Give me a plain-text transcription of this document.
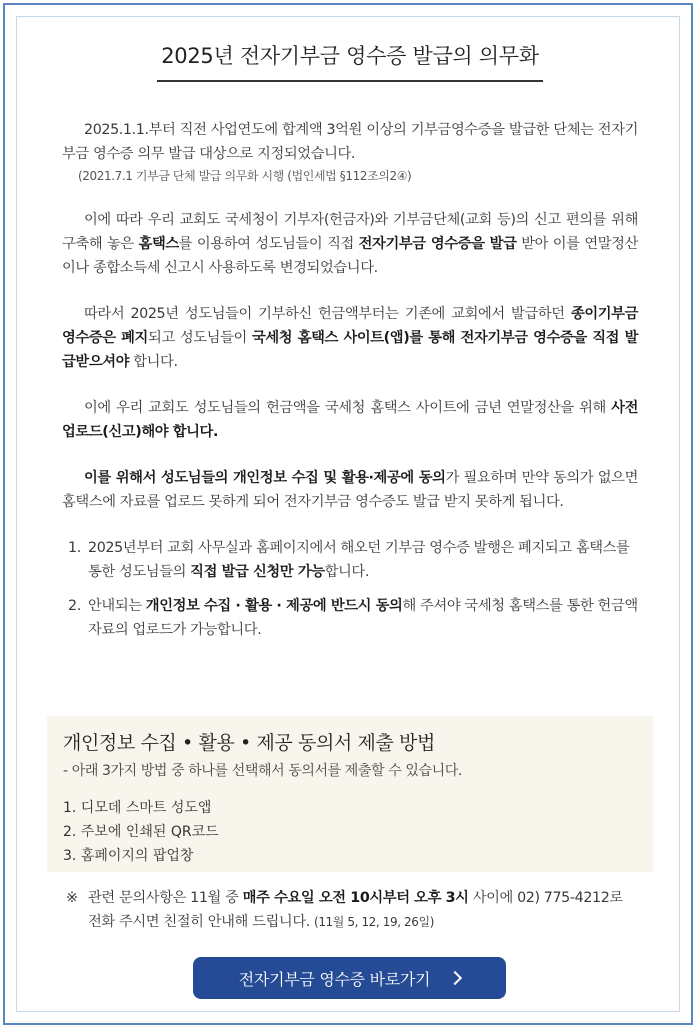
2025년 전자기부금 영수증 발급의 의무화

2025.1.1.부터 직전 사업연도에 합계액 3억원 이상의 기부금영수증을 발급한 단체는 전자기부금 영수증 의무 발급 대상으로 지정되었습니다.

(2021.7.1 기부금 단체 발급 의무화 시행 (법인세법 §112조의2④)

이에 따라 우리 교회도 국세청이 기부자(헌금자)와 기부금단체(교회 등)의 신고 편의를 위해 구축해 놓은 홈택스를 이용하여 성도님들이 직접 전자기부금 영수증을 발급 받아 이를 연말정산이나 종합소득세 신고시 사용하도록 변경되었습니다.

따라서 2025년 성도님들이 기부하신 헌금액부터는 기존에 교회에서 발급하던 종이기부금 영수증은 폐지되고 성도님들이 국세청 홈택스 사이트(앱)를 통해 전자기부금 영수증을 직접 발급받으셔야 합니다.

이에 우리 교회도 성도님들의 헌금액을 국세청 홈택스 사이트에 금년 연말정산을 위해 사전 업로드(신고)해야 합니다.

이를 위해서 성도님들의 개인정보 수집 및 활용·제공에 동의가 필요하며 만약 동의가 없으면 홈택스에 자료를 업로드 못하게 되어 전자기부금 영수증도 발급 받지 못하게 됩니다.

1. 2025년부터 교회 사무실과 홈페이지에서 해오던 기부금 영수증 발행은 폐지되고 홈택스를 통한 성도님들의 직접 발급 신청만 가능합니다.
2. 안내되는 개인정보 수집 · 활용 · 제공에 반드시 동의해 주셔야 국세청 홈택스를 통한 헌금액 자료의 업로드가 가능합니다.
개인정보 수집 • 활용 • 제공 동의서 제출 방법
- 아래 3가지 방법 중 하나를 선택해서 동의서를 제출할 수 있습니다.
1. 디모데 스마트 성도앱
2. 주보에 인쇄된 QR코드
3. 홈페이지의 팝업창
※ 관련 문의사항은 11월 중 매주 수요일 오전 10시부터 오후 3시 사이에 02) 775-4212로 전화 주시면 친절히 안내해 드립니다. (11월 5, 12, 19, 26일)
전자기부금 영수증 바로가기
